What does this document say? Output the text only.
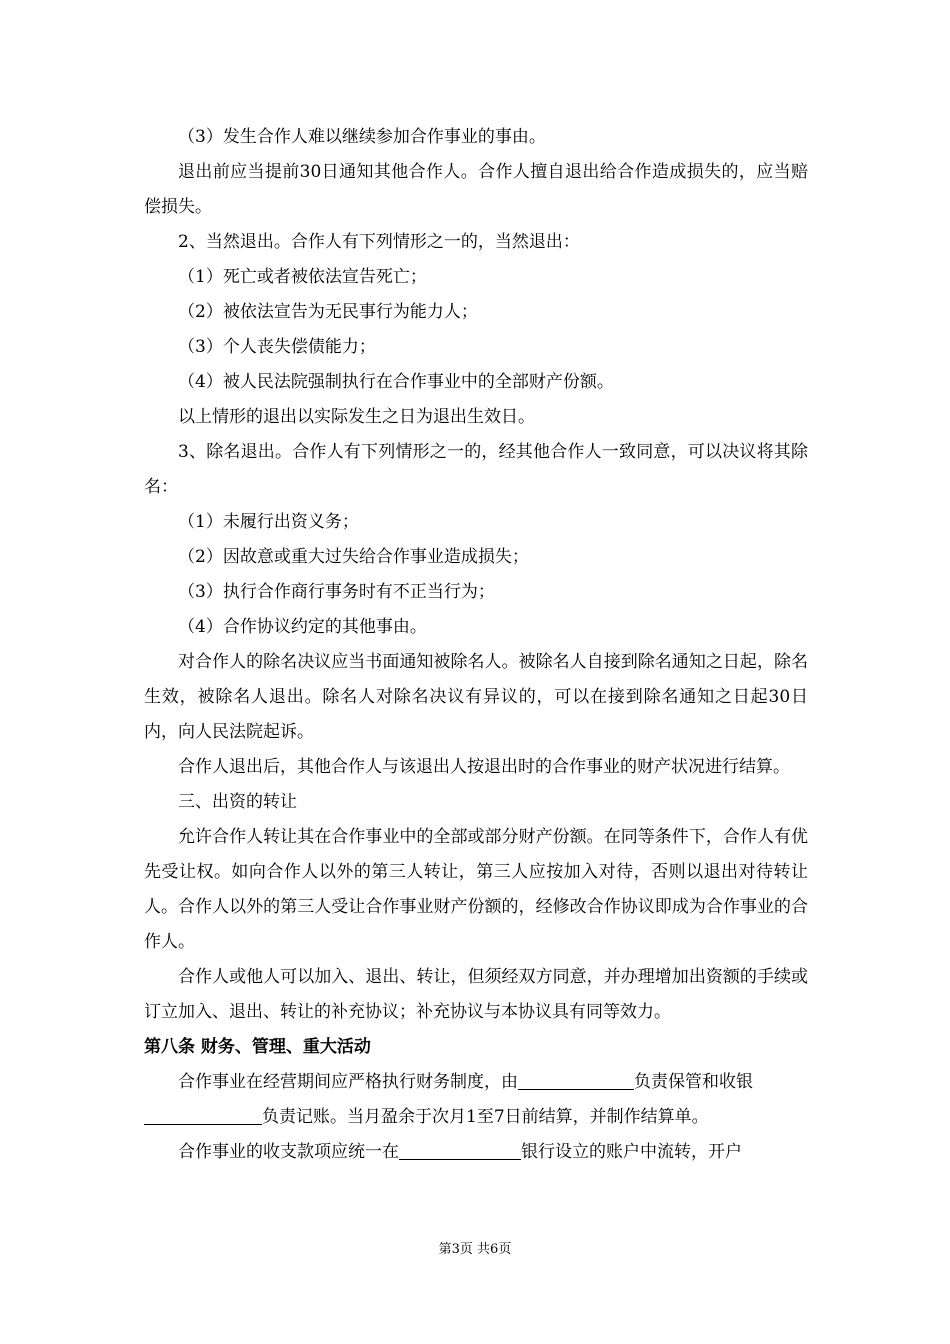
（3）发生合作人难以继续参加合作事业的事由。

退出前应当提前30日通知其他合作人。合作人擅自退出给合作造成损失的，应当赔偿损失。

2、当然退出。合作人有下列情形之一的，当然退出：

（1）死亡或者被依法宣告死亡；

（2）被依法宣告为无民事行为能力人；

（3）个人丧失偿债能力；

（4）被人民法院强制执行在合作事业中的全部财产份额。

以上情形的退出以实际发生之日为退出生效日。

3、除名退出。合作人有下列情形之一的，经其他合作人一致同意，可以决议将其除名：

（1）未履行出资义务；

（2）因故意或重大过失给合作事业造成损失；

（3）执行合作商行事务时有不正当行为；

（4）合作协议约定的其他事由。

对合作人的除名决议应当书面通知被除名人。被除名人自接到除名通知之日起，除名生效，被除名人退出。除名人对除名决议有异议的，可以在接到除名通知之日起30日内，向人民法院起诉。

合作人退出后，其他合作人与该退出人按退出时的合作事业的财产状况进行结算。

三、出资的转让

允许合作人转让其在合作事业中的全部或部分财产份额。在同等条件下，合作人有优先受让权。如向合作人以外的第三人转让，第三人应按加入对待，否则以退出对待转让人。合作人以外的第三人受让合作事业财产份额的，经修改合作协议即成为合作事业的合作人。

合作人或他人可以加入、退出、转让，但须经双方同意，并办理增加出资额的手续或订立加入、退出、转让的补充协议；补充协议与本协议具有同等效力。

第八条 财务、管理、重大活动

合作事业在经营期间应严格执行财务制度，由	负责保管和收银
负责记账。当月盈余于次月1至7日前结算，并制作结算单。

合作事业的收支款项应统一在	银行设立的账户中流转，开户

第3页 共6页
